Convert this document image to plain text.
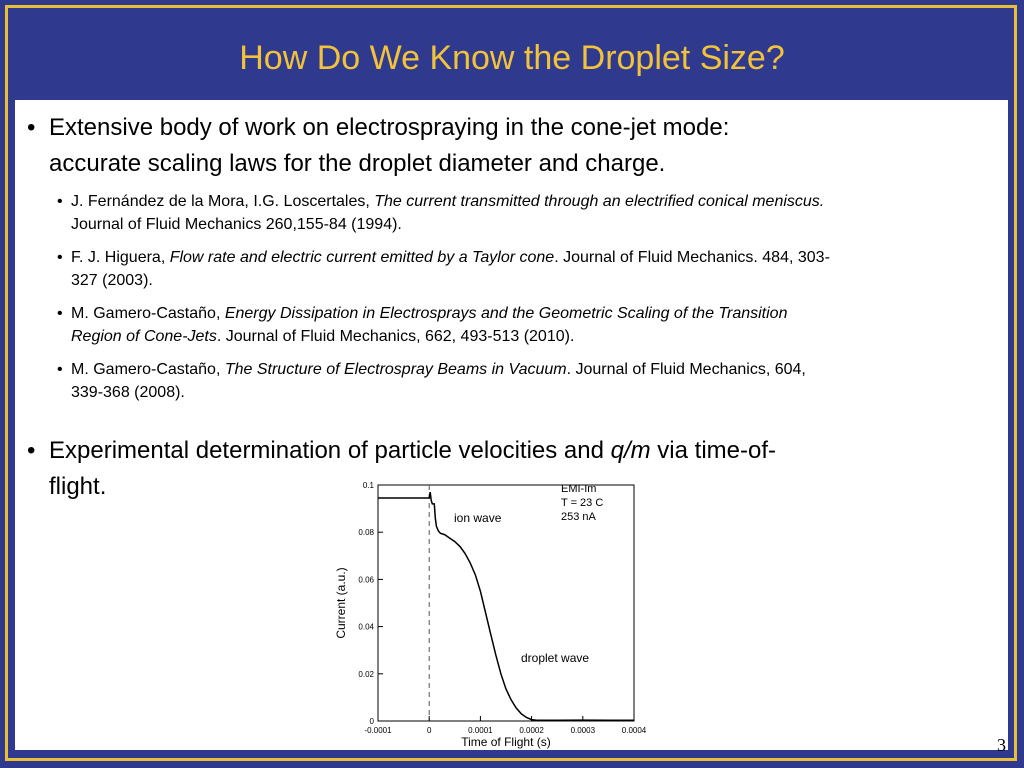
How Do We Know the Droplet Size?
• Extensive body of work on electrospraying in the cone-jet mode:
accurate scaling laws for the droplet diameter and charge.
• J. Fernández de la Mora, I.G. Loscertales, The current transmitted through an electrified conical meniscus.
Journal of Fluid Mechanics 260,155-84 (1994).
• F. J. Higuera, Flow rate and electric current emitted by a Taylor cone. Journal of Fluid Mechanics. 484, 303-
327 (2003).
• M. Gamero-Castaño, Energy Dissipation in Electrosprays and the Geometric Scaling of the Transition
Region of Cone-Jets. Journal of Fluid Mechanics, 662, 493-513 (2010).
• M. Gamero-Castaño, The Structure of Electrospray Beams in Vacuum. Journal of Fluid Mechanics, 604,
339-368 (2008).
• Experimental determination of particle velocities and q/m via time-of-
flight.
-0.0001	0	0.0001	0.0002	0.0003	0.0004
0
0.02
0.04
0.06
0.08
0.1
Time of Flight (s)
Current (a.u.)
EMI-Im
T = 23 C
253 nA
ion wave
droplet wave
3
